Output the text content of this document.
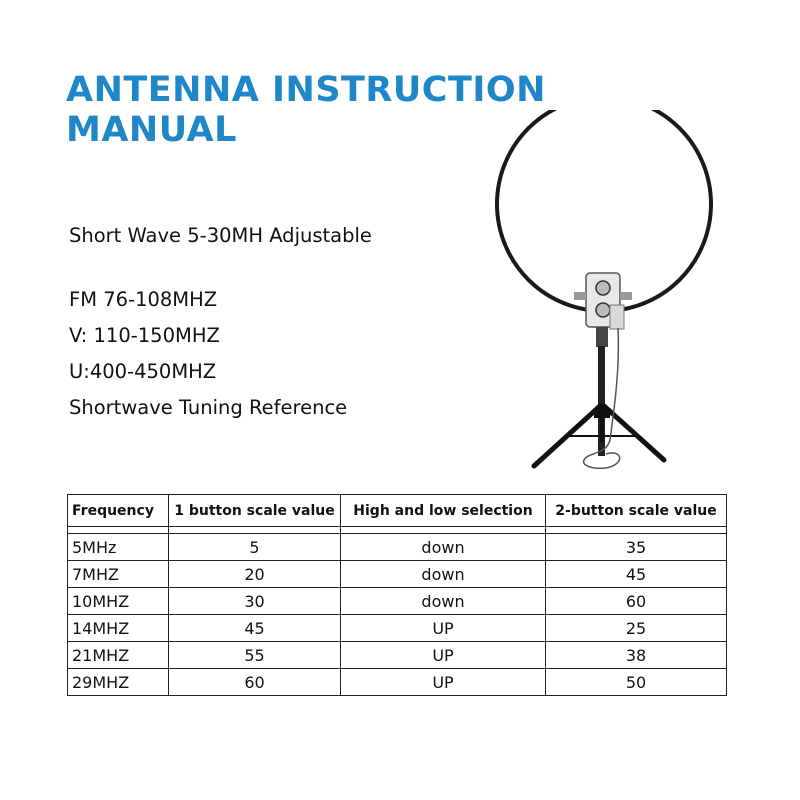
ANTENNA INSTRUCTION
MANUAL

Short Wave 5-30MH Adjustable

FM 76-108MHZ

V: 110-150MHZ

U:400-450MHZ

Shortwave Tuning Reference

Frequency	1 button scale value	High and low selection	2-button scale value

5MHz	5	down	35
7MHZ	20	down	45
10MHZ	30	down	60
14MHZ	45	UP	25
21MHZ	55	UP	38
29MHZ	60	UP	50
